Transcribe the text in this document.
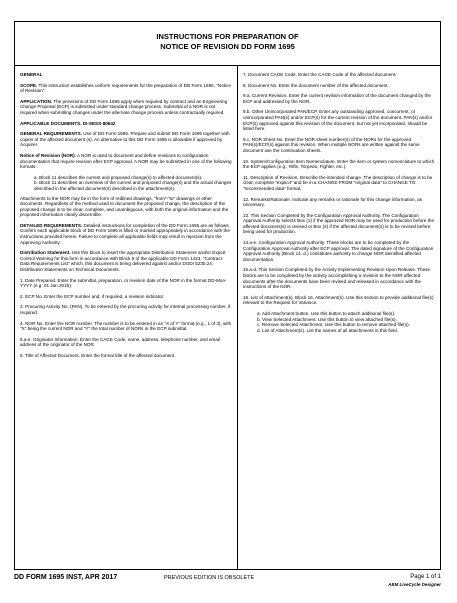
INSTRUCTIONS FOR PREPARATION OF
NOTICE OF REVISION DD FORM 1695
GENERAL

SCOPE. This instruction establishes uniform requirements for the preparation of DD Form 1695, "Notice of Revision".

APPLICATION. The provisions of DD Form 1695 apply when required by contract and an Engineering Change Proposal (ECP) is submitted under standard change process. Submittal of a NOR is not required when submitting changes under the alternate change process unless contractually required.

APPLICABLE DOCUMENTS. DI-SESS-80642

GENERAL REQUIREMENTS. Use of DD Form 1695. Prepare and submit DD Form 1695 together with copies of the affected document (s). An alternative to this DD Form 1695 is allowable if approved by Acquirer.

Notice of Revision (NOR). A NOR is used to document and define revisions to configuration documentation that require revision after ECP approval. A NOR may be submitted in one of the following formats:

a. Block 11 describes the current and proposed change(s) to affected document(s).
b. Block 11 describes an overview of the current and proposed change(s) and the actual changes described in the affected document(s) described in the attachment(s).

Attachments to the NOR may be in the form of redlined drawings, "from"-"to" drawings or other documents. Regardless of the method used to document the proposed change, the description of the proposed change is to be clear, complete, and unambiguous, with both the original information and the proposed information clearly discernible.

DETAILED REQUIREMENTS. Detailed instructions for completion of the DD Form 1695 are as follows. Confirm each applicable block of DD Form 1695 is filled or marked appropriately in accordance with the instructions provided herein. Failure to complete all applicable fields may result in rejection from the Approving Authority.

Distribution Statement. Use this block to insert the appropriate Distribution Statement and/or Export Control Warning for this form in accordance with Block 9 of the applicable DD Form 1423, "Contract Data Requirements List" which, this document is being delivered against and/or DODI 5230.24, Distribution Statements on Technical Documents.

1. Date Prepared. Enter the submittal, preparation, or revision date of the NOR in the format DD-Mon-YYYY (e.g. 01 Jan 2015).

2. ECP No. Enter the ECP number and, if required, a revision indicator.

3. Procuring Activity No. (PAN). To be entered by the procuring activity for internal processing number, if required.

4. NOR No. Enter the NOR number. The number is to be entered in an "X of Y" format (e.g., 1 of 3), with "X" being the current NOR and "Y" the total number of NORs in the ECP submittal.

5.a-e. Originator Information. Enter the CAGE Code, name, address, telephone number, and email address of the originator of the NOR.

6. Title of Affected Document. Enter the formal title of the affected document.

7. Document CAGE Code. Enter the CAGE Code of the affected document.

8. Document No. Enter the document number of the affected document.

9.a. Current Revision. Enter the current revision information of the document changed by the ECP and addressed by the NOR.

9.b. Other Unincorporated PAN/ECP. Enter any outstanding approved, concurrent, or unincorporated PAN(s) and/or ECP(s) for the current revision of the document. PAN(s) and/or ECP(s) approved against this revision of the document, but not yet incorporated, should be listed here.

9.c. NOR Sheet No. Enter the NOR sheet number(s) of the NORs for the approved PAN(s)/ECP(s) against this revision. When multiple NORs are written against the same document use the continuation sheets.

10. System/Configuration Item Nomenclature. Enter the item or system nomenclature to which the ECP applies (e.g., Rifle, Torpedo, Fighter, etc.).

11. Description of Revision. Describe the intended change. The description of change is to be clear, complete "explicit" and be in a CHANGE FROM "original data" to CHANGE TO: "recommended data" format.

12. Remarks/Rationale. Indicate any remarks or rationale for this change information, as necessary.

13. This Section Completed by the Configuration Approval Authority. The Configuration Approval Authority selects Box (1) if the approved NOR may be used for production before the affected document(s) is revised or Box (2) if the affected document(s) is to be revised before being used for production.

14.a-e. Configuration Approval Authority. These blocks are to be completed by the Configuration Approval Authority after ECP approval. The dated signature of the Configuration Approval Authority (Block 14. d.) constitutes authority to change NOR identified affected documentation.

15.a-d. This Section Completed by the Activity Implementing Revision Upon Release. These blocks are to be completed by the activity accomplishing a revision to the NOR affected documents after the documents have been revised and released in accordance with the instructions of the NOR.

16. List of Attachment(s). Block 16. Attachment(s). Use this section to provide additional file(s) relevant to the Request for Variance.

a. Add Attachment button. Use this button to attach additional file(s).
b. View Selected Attachment. Use this button to view attached file(s).
c. Remove Selected Attachment. Use this button to remove attached file(s).
d. List of Attachment(s). List the names of all attachments in this field.
DD FORM 1695 INST, APR 2017	PREVIOUS EDITION IS OBSOLETE	Page 1 of 1
AEM LiveCycle Designer
